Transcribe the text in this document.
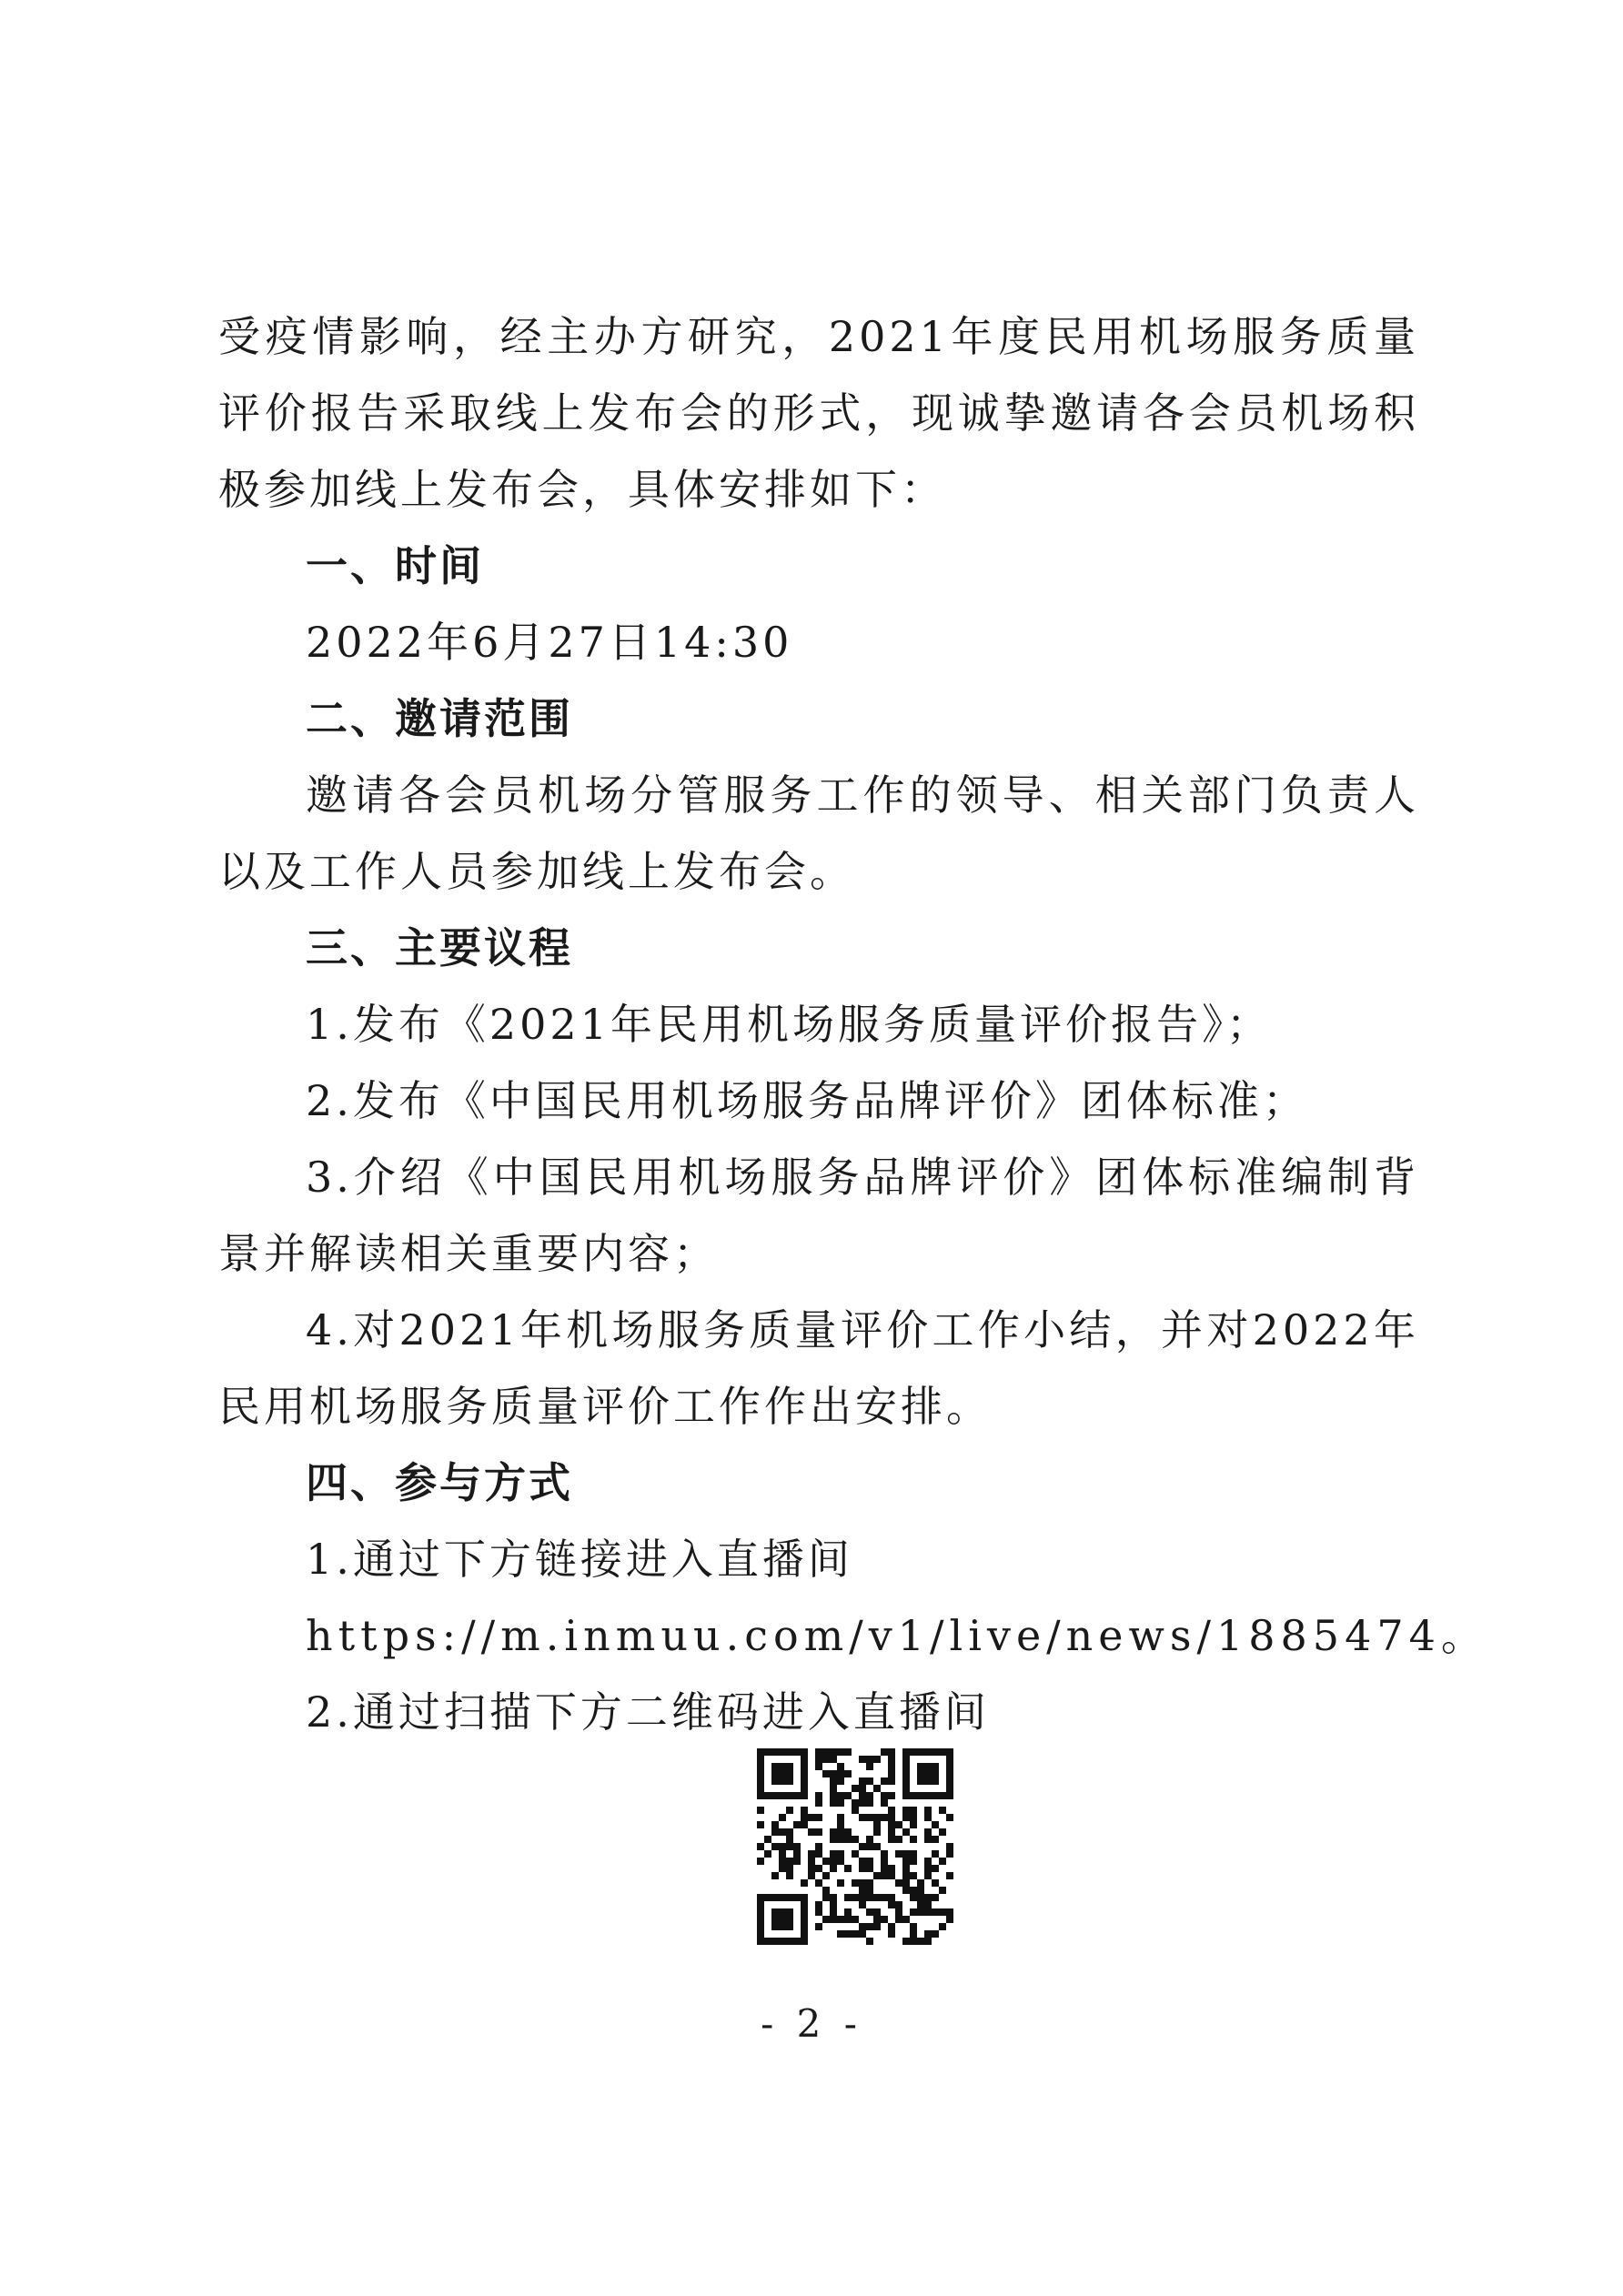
受疫情影响，经主办方研究，2021年度民用机场服务质量评价报告采取线上发布会的形式，现诚挚邀请各会员机场积极参加线上发布会，具体安排如下：

一、时间

2022年6月27日14:30

二、邀请范围

邀请各会员机场分管服务工作的领导、相关部门负责人以及工作人员参加线上发布会。

三、主要议程

1.发布《2021年民用机场服务质量评价报告》；

2.发布《中国民用机场服务品牌评价》团体标准；

3.介绍《中国民用机场服务品牌评价》团体标准编制背景并解读相关重要内容；

4.对2021年机场服务质量评价工作小结，并对2022年民用机场服务质量评价工作作出安排。

四、参与方式

1.通过下方链接进入直播间

https://m.inmuu.com/v1/live/news/1885474。

2.通过扫描下方二维码进入直播间

- 2 -
